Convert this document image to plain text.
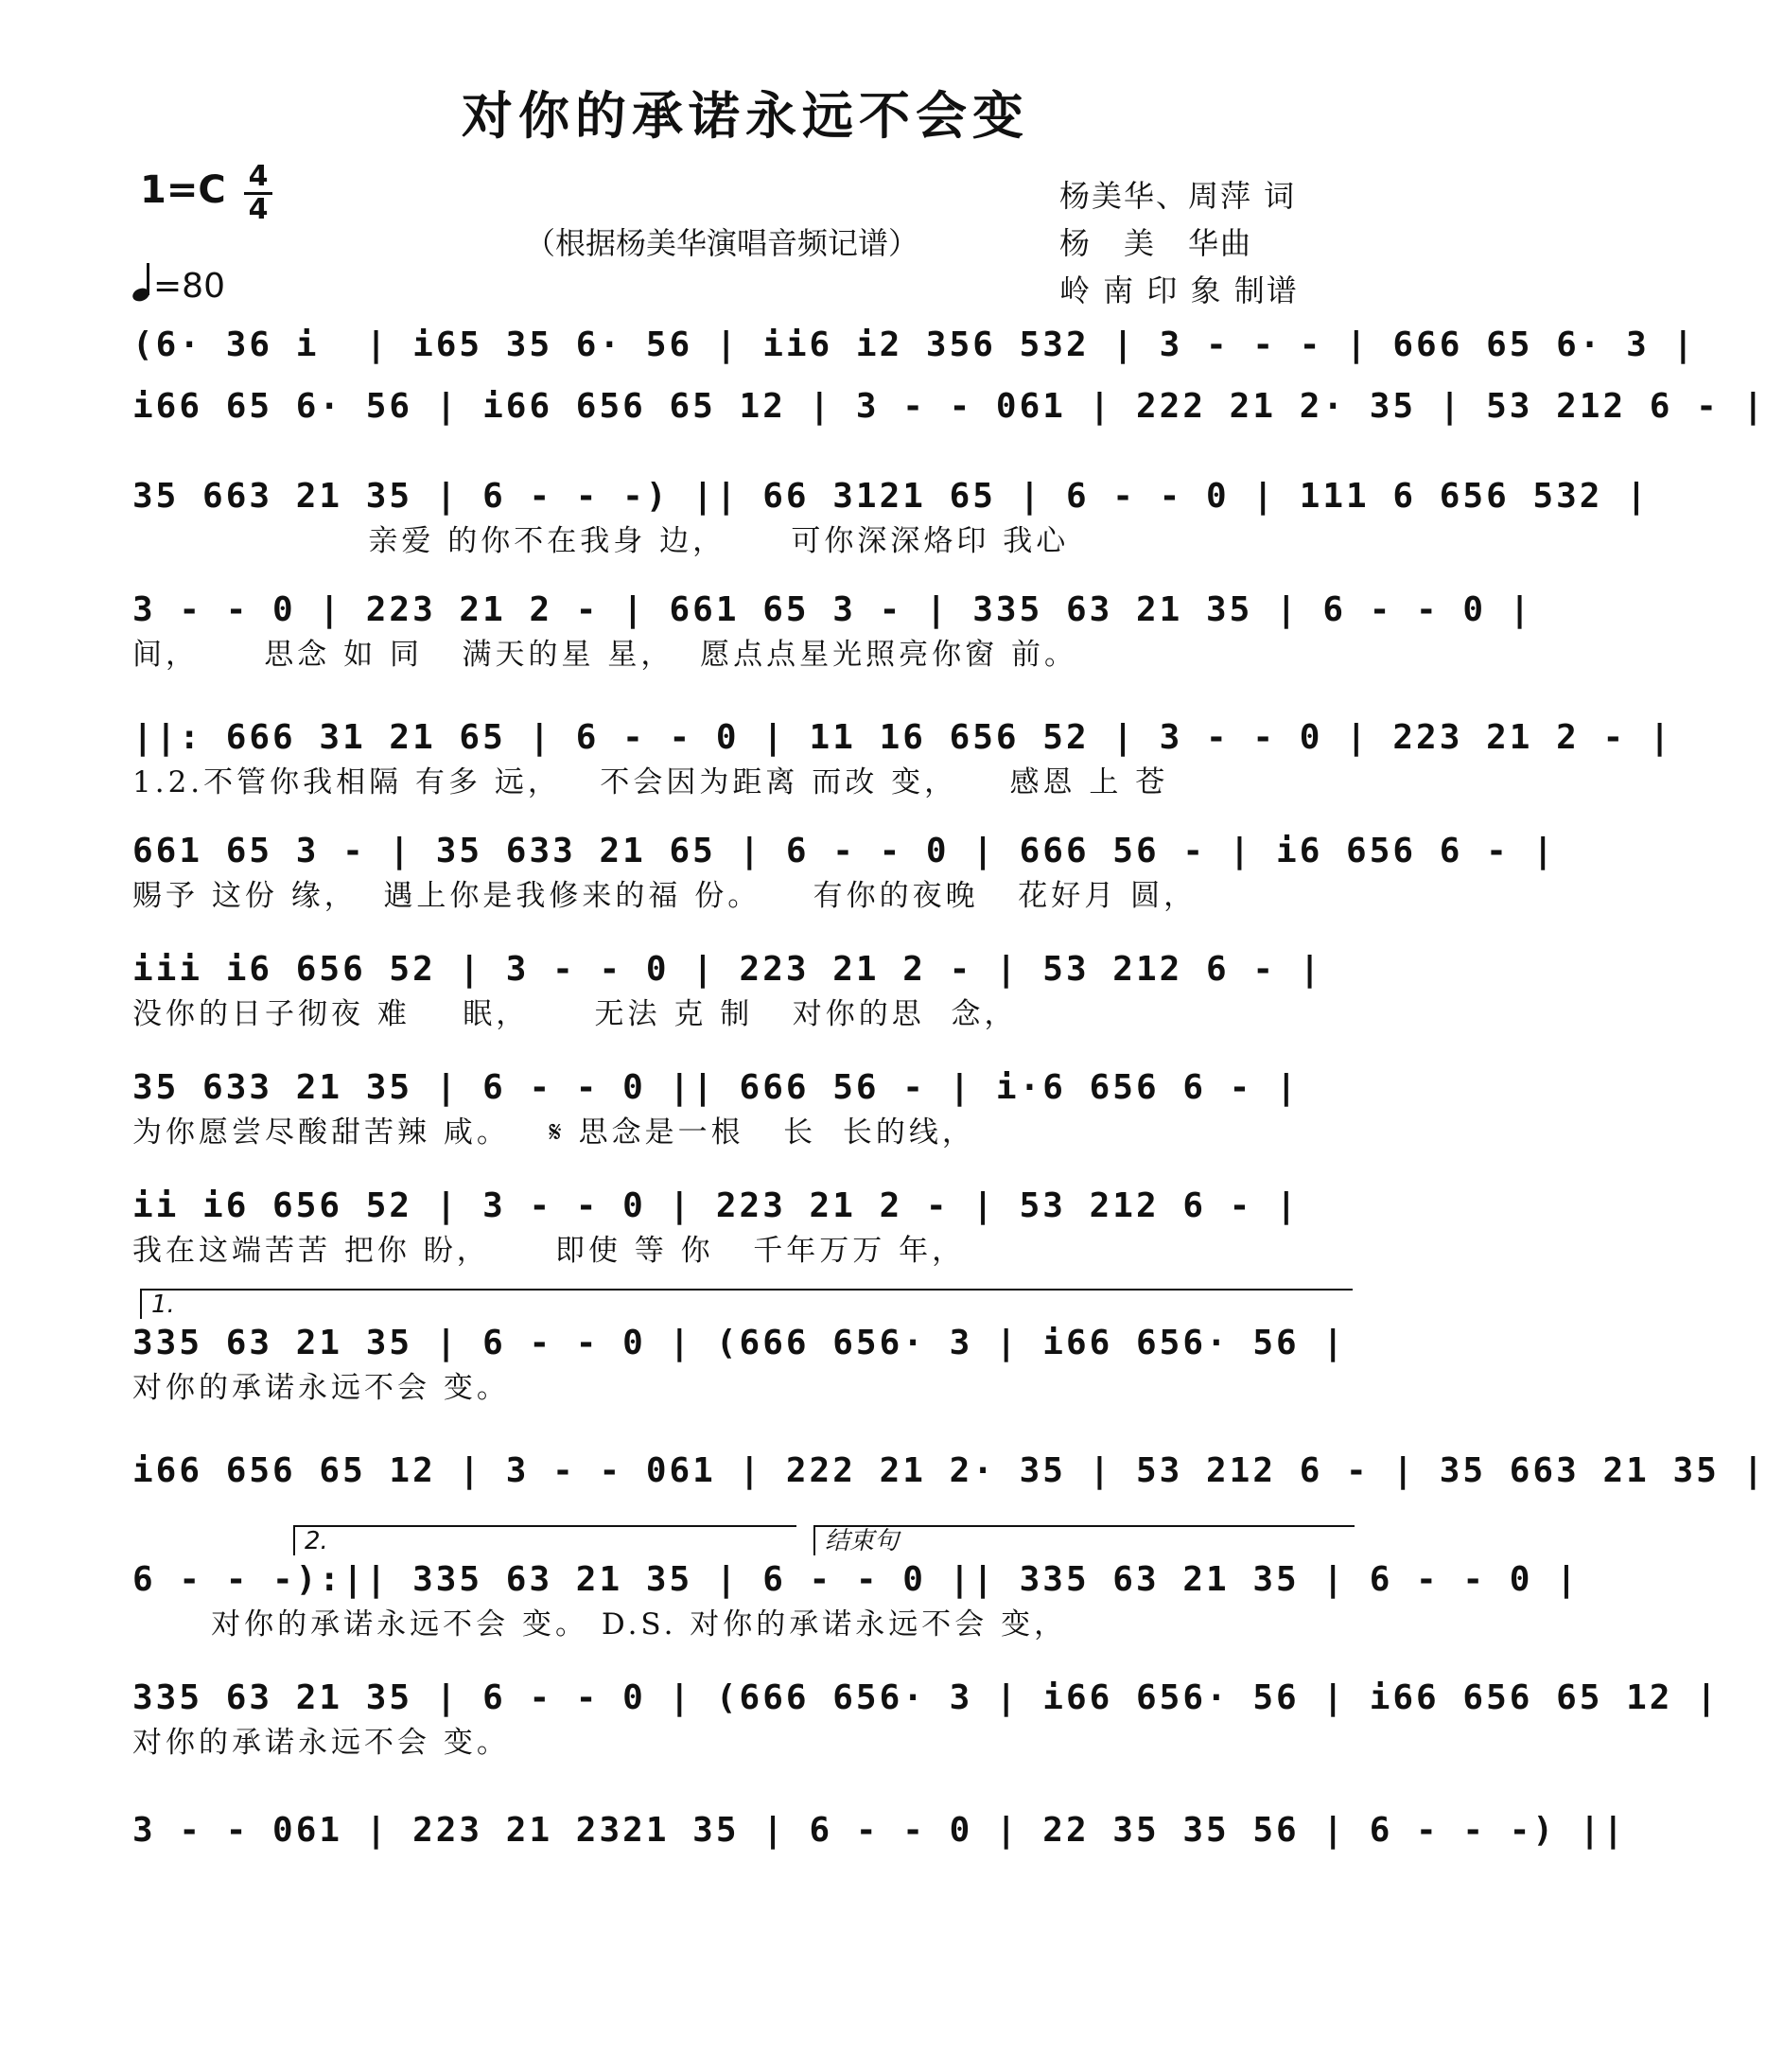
对你的承诺永远不会变
1=C 4
4
=80
（根据杨美华演唱音频记谱）
杨美华、周萍 词
杨　美　华曲
岭 南 印 象 制谱
(6· 36 i  | i65 35 6· 56 | ii6 i2 356 532 | 3 - - - | 666 65 6· 3 |
i66 65 6· 56 | i66 656 65 12 | 3 - - 061 | 222 21 2· 35 | 53 212 6 - |
35 663 21 35 | 6 - - -) || 66 3121 65 | 6 - - 0 | 111 6 656 532 |
亲爱 的你不在我身 边，     可你深深烙印 我心
3 - - 0 | 223 21 2 - | 661 65 3 - | 335 63 21 35 | 6 - - 0 |
间，     思念 如 同   满天的星 星，  愿点点星光照亮你窗 前。
||: 666 31 21 65 | 6 - - 0 | 11 16 656 52 | 3 - - 0 | 223 21 2 - |
1.2.不管你我相隔 有多 远，   不会因为距离 而改 变，    感恩 上 苍
661 65 3 - | 35 633 21 65 | 6 - - 0 | 666 56 - | i6 656 6 - |
赐予 这份 缘，  遇上你是我修来的福 份。    有你的夜晚   花好月 圆，
iii i6 656 52 | 3 - - 0 | 223 21 2 - | 53 212 6 - |
没你的日子彻夜 难    眠，     无法 克 制   对你的思  念，
35 633 21 35 | 6 - - 0 || 666 56 - | i·6 656 6 - |
为你愿尝尽酸甜苦辣 咸。   𝄋 思念是一根   长  长的线，
ii i6 656 52 | 3 - - 0 | 223 21 2 - | 53 212 6 - |
我在这端苦苦 把你 盼，     即使 等 你   千年万万 年，
335 63 21 35 | 6 - - 0 | (666 656· 3 | i66 656· 56 |
对你的承诺永远不会 变。
i66 656 65 12 | 3 - - 061 | 222 21 2· 35 | 53 212 6 - | 35 663 21 35 |
6 - - -):|| 335 63 21 35 | 6 - - 0 || 335 63 21 35 | 6 - - 0 |
对你的承诺永远不会 变。 D.S. 对你的承诺永远不会 变，
335 63 21 35 | 6 - - 0 | (666 656· 3 | i66 656· 56 | i66 656 65 12 |
对你的承诺永远不会 变。
3 - - 061 | 223 21 2321 35 | 6 - - 0 | 22 35 35 56 | 6 - - -) ||
1.
2.	结束句
